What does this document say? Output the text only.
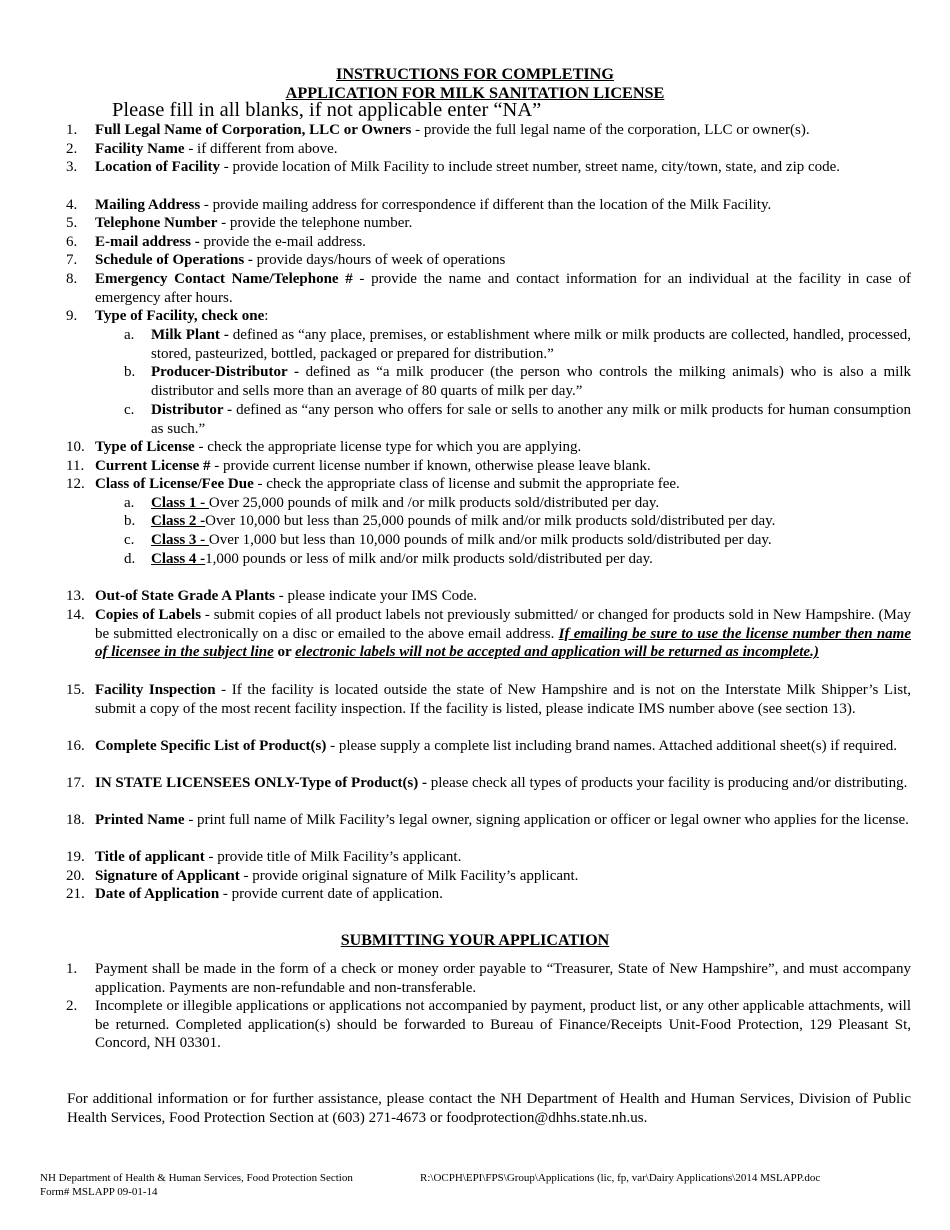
INSTRUCTIONS FOR COMPLETING
APPLICATION FOR MILK SANITATION LICENSE
Please fill in all blanks, if not applicable enter “NA”
1.	Full Legal Name of Corporation, LLC or Owners - provide the full legal name of the corporation, LLC or owner(s).
2.	Facility Name - if different from above.
3.	Location of Facility - provide location of Milk Facility to include street number, street name, city/town, state, and zip code.
4.	Mailing Address - provide mailing address for correspondence if different than the location of the Milk Facility.
5.	Telephone Number - provide the telephone number.
6.	E-mail address - provide the e-mail address.
7.	Schedule of Operations - provide days/hours of week of operations
8.	Emergency Contact Name/Telephone # - provide the name and contact information for an individual at the facility in case of emergency after hours.
9.	Type of Facility, check one:
a.	Milk Plant - defined as “any place, premises, or establishment where milk or milk products are collected, handled, processed, stored, pasteurized, bottled, packaged or prepared for distribution.”
b.	Producer-Distributor - defined as “a milk producer (the person who controls the milking animals) who is also a milk distributor and sells more than an average of 80 quarts of milk per day.”
c.	Distributor - defined as “any person who offers for sale or sells to another any milk or milk products for human consumption as such.”
10. Type of License - check the appropriate license type for which you are applying.
11. Current License # - provide current license number if known, otherwise please leave blank.
12. Class of License/Fee Due - check the appropriate class of license and submit the appropriate fee.
a.	Class 1 - Over 25,000 pounds of milk and /or milk products sold/distributed per day.
b.	Class 2 -Over 10,000 but less than 25,000 pounds of milk and/or milk products sold/distributed per day.
c.	Class 3 - Over 1,000 but less than 10,000 pounds of milk and/or milk products sold/distributed per day.
d.	Class 4 -1,000 pounds or less of milk and/or milk products sold/distributed per day.
13. Out-of State Grade A Plants - please indicate your IMS Code.
14. Copies of Labels - submit copies of all product labels not previously submitted/ or changed for products sold in New Hampshire. (May be submitted electronically on a disc or emailed to the above email address. If emailing be sure to use the license number then name of licensee in the subject line or electronic labels will not be accepted and application will be returned as incomplete.)
15. Facility Inspection - If the facility is located outside the state of New Hampshire and is not on the Interstate Milk Shipper’s List, submit a copy of the most recent facility inspection. If the facility is listed, please indicate IMS number above (see section 13).
16. Complete Specific List of Product(s) - please supply a complete list including brand names. Attached additional sheet(s) if required.
17. IN STATE LICENSEES ONLY-Type of Product(s) - please check all types of products your facility is producing and/or distributing.
18. Printed Name - print full name of Milk Facility’s legal owner, signing application or officer or legal owner who applies for the license.
19. Title of applicant - provide title of Milk Facility’s applicant.
20. Signature of Applicant - provide original signature of Milk Facility’s applicant.
21. Date of Application - provide current date of application.
SUBMITTING YOUR APPLICATION
1.	Payment shall be made in the form of a check or money order payable to “Treasurer, State of New Hampshire”, and must accompany application. Payments are non-refundable and non-transferable.
2.	Incomplete or illegible applications or applications not accompanied by payment, product list, or any other applicable attachments, will be returned. Completed application(s) should be forwarded to Bureau of Finance/Receipts Unit-Food Protection, 129 Pleasant St, Concord, NH 03301.
For additional information or for further assistance, please contact the NH Department of Health and Human Services, Division of Public Health Services, Food Protection Section at (603) 271-4673 or foodprotection@dhhs.state.nh.us.
NH Department of Health & Human Services, Food Protection Section	R:\OCPH\EPI\FPS\Group\Applications (lic, fp, var\Dairy Applications\2014 MSLAPP.doc
Form# MSLAPP 09-01-14
